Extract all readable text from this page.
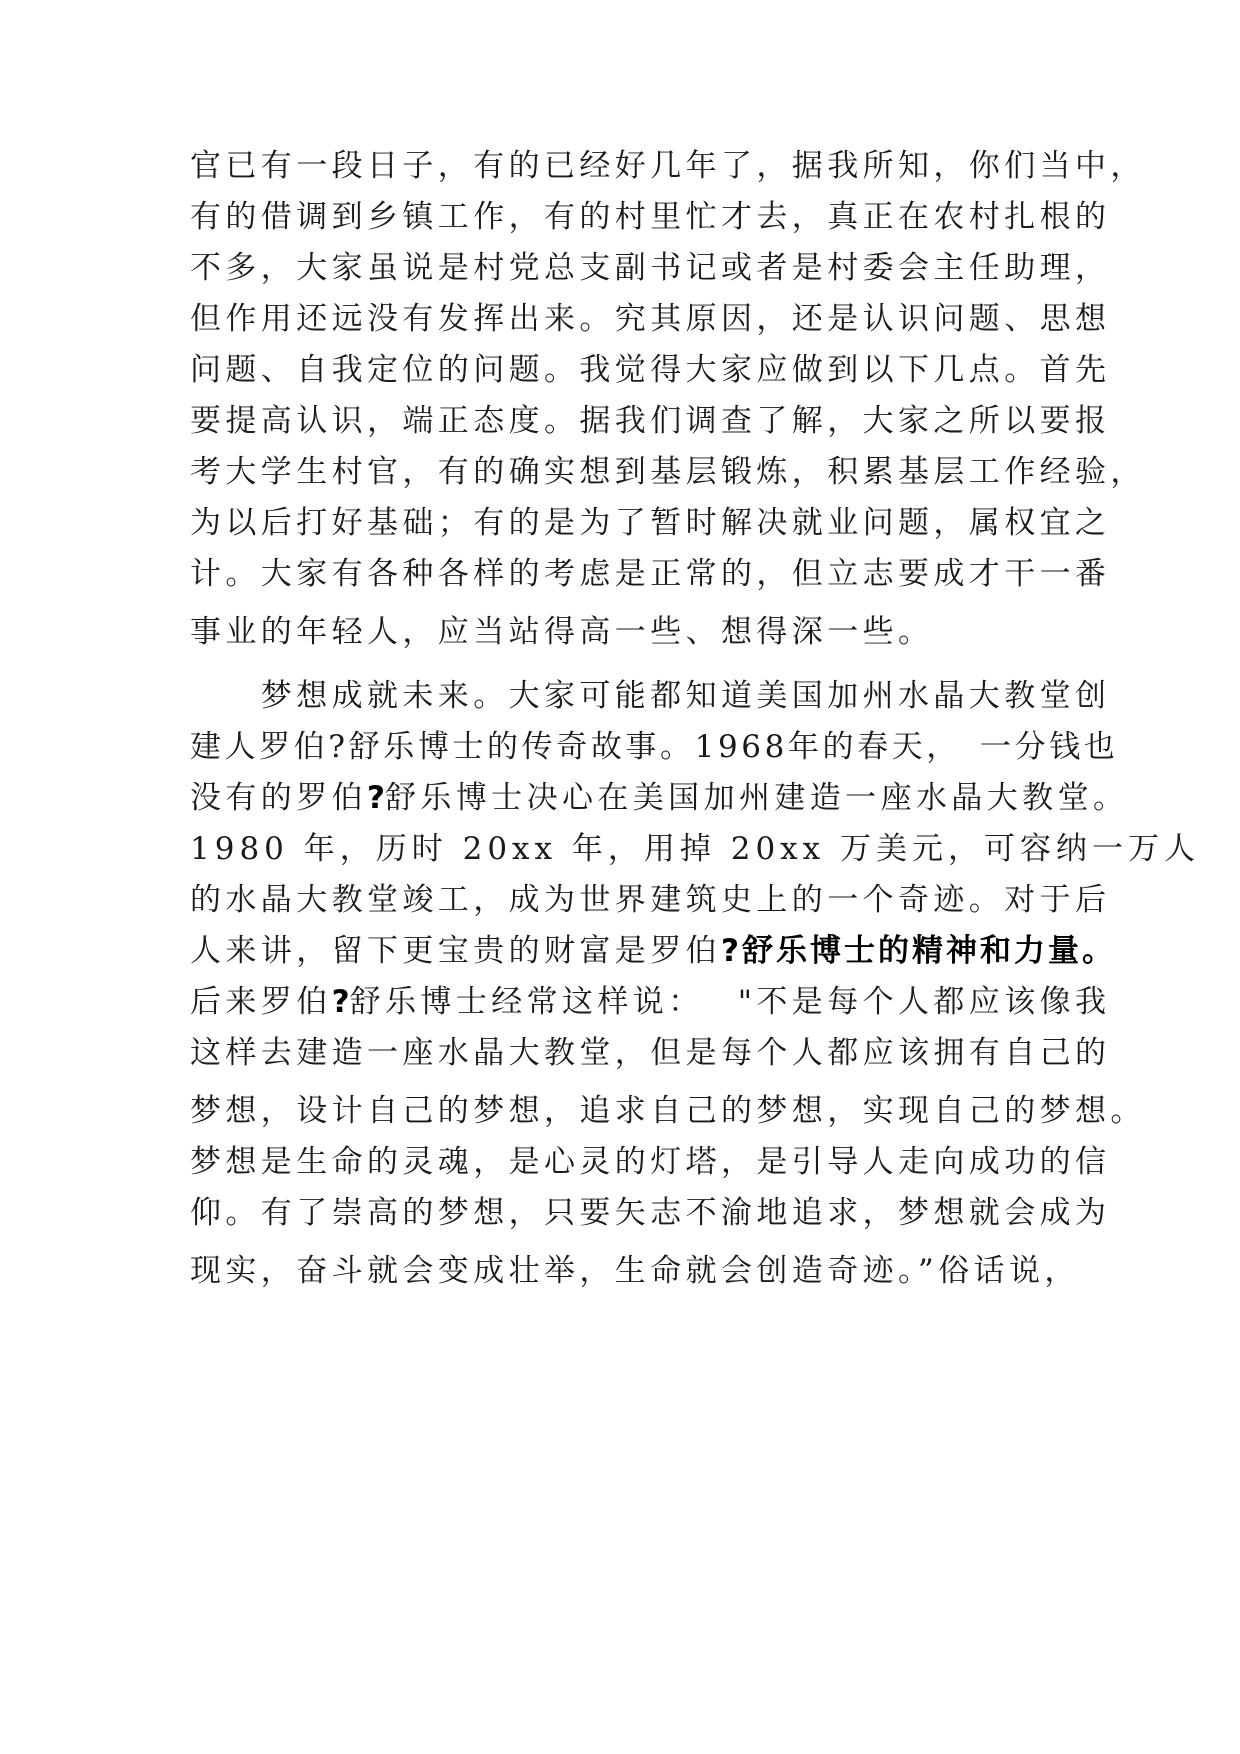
官已有一段日子，有的已经好几年了，据我所知，你们当中，

有的借调到乡镇工作，有的村里忙才去，真正在农村扎根的

不多，大家虽说是村党总支副书记或者是村委会主任助理，

但作用还远没有发挥出来。究其原因，还是认识问题、思想

问题、自我定位的问题。我觉得大家应做到以下几点。首先

要提高认识，端正态度。据我们调查了解，大家之所以要报

考大学生村官，有的确实想到基层锻炼，积累基层工作经验，

为以后打好基础；有的是为了暂时解决就业问题，属权宜之

计。大家有各种各样的考虑是正常的，但立志要成才干一番

事业的年轻人，应当站得高一些、想得深一些。

　　梦想成就未来。大家可能都知道美国加州水晶大教堂创

建人罗伯?舒乐博士的传奇故事。1968年的春天，　一分钱也

没有的罗伯?舒乐博士决心在美国加州建造一座水晶大教堂。

1980 年，历时 20xx 年，用掉 20xx 万美元，可容纳一万人

的水晶大教堂竣工，成为世界建筑史上的一个奇迹。对于后

人来讲，留下更宝贵的财富是罗伯?舒乐博士的精神和力量。

后来罗伯?舒乐博士经常这样说：　 "不是每个人都应该像我

这样去建造一座水晶大教堂，但是每个人都应该拥有自己的

梦想，设计自己的梦想，追求自己的梦想，实现自己的梦想。

梦想是生命的灵魂，是心灵的灯塔，是引导人走向成功的信

仰。有了崇高的梦想，只要矢志不渝地追求，梦想就会成为

现实，奋斗就会变成壮举，生命就会创造奇迹。”俗话说，
